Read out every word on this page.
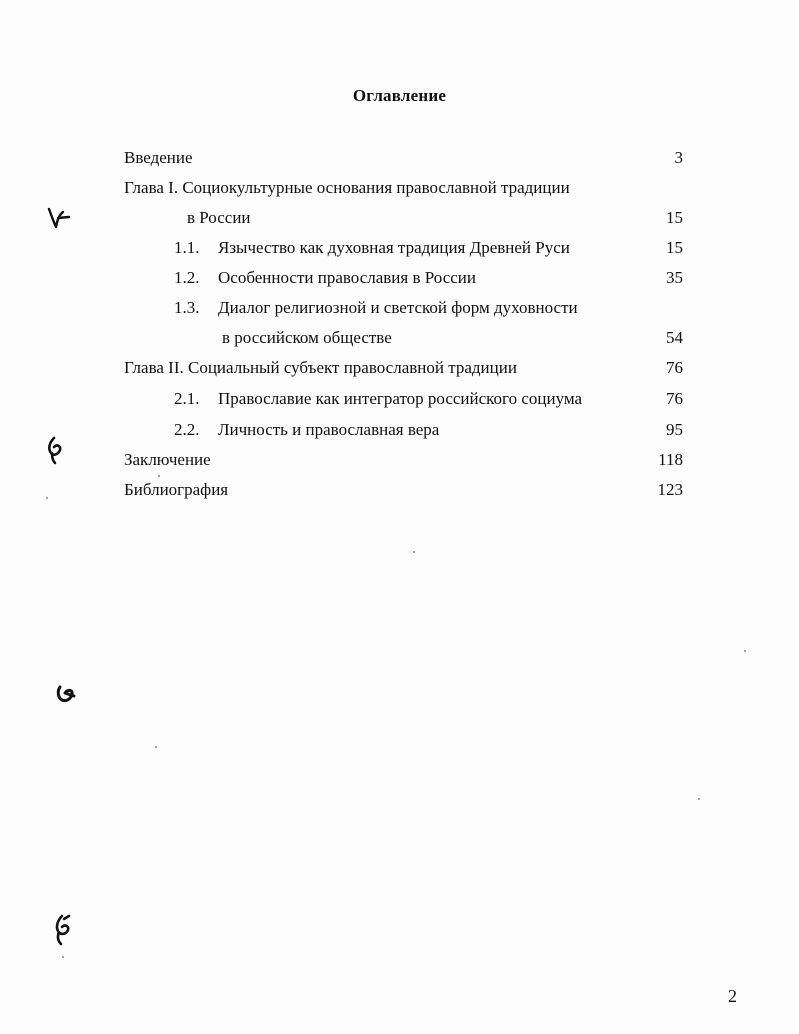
Оглавление
Введение	3
Глава I. Социокультурные основания православной традиции
в России	15
1.1. Язычество как духовная традиция Древней Руси	15
1.2. Особенности православия в России	35
1.3. Диалог религиозной и светской форм духовности
в российском обществе	54
Глава II. Социальный субъект православной традиции	76
2.1. Православие как интегратор российского социума	76
2.2. Личность и православная вера	95
Заключение	118
Библиография	123
2
